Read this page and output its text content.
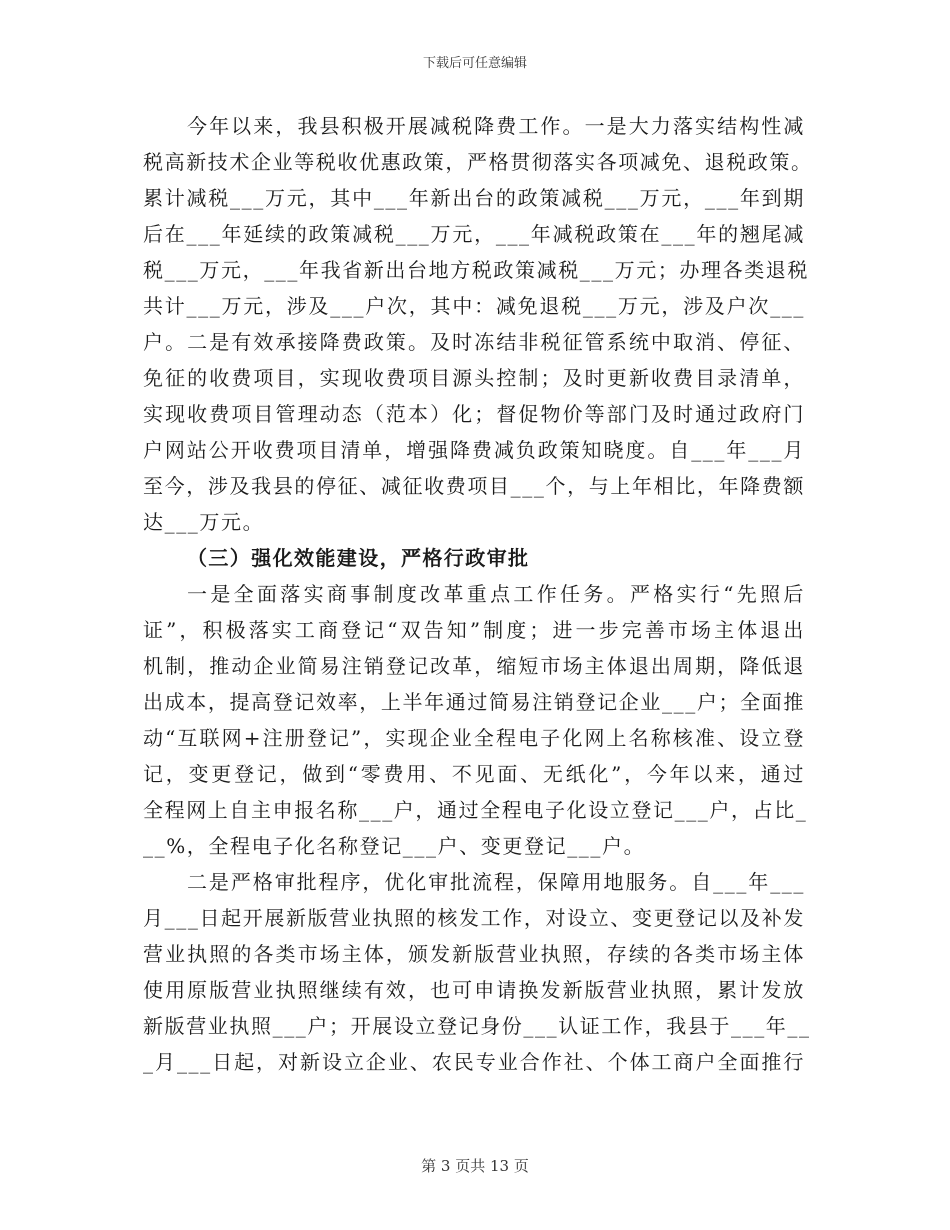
下载后可任意编辑
今年以来，我县积极开展减税降费工作。一是大力落实结构性减
税高新技术企业等税收优惠政策，严格贯彻落实各项减免、退税政策。
累计减税___万元，其中___年新出台的政策减税___万元，___年到期
后在___年延续的政策减税___万元，___年减税政策在___年的翘尾减
税___万元，___年我省新出台地方税政策减税___万元；办理各类退税
共计___万元，涉及___户次，其中：减免退税___万元，涉及户次___
户。二是有效承接降费政策。及时冻结非税征管系统中取消、停征、
免征的收费项目，实现收费项目源头控制；及时更新收费目录清单，
实现收费项目管理动态（范本）化；督促物价等部门及时通过政府门
户网站公开收费项目清单，增强降费减负政策知晓度。自___年___月
至今，涉及我县的停征、减征收费项目___个，与上年相比，年降费额
达___万元。
（三）强化效能建设，严格行政审批
一是全面落实商事制度改革重点工作任务。严格实行“先照后
证”，积极落实工商登记“双告知”制度；进一步完善市场主体退出
机制，推动企业简易注销登记改革，缩短市场主体退出周期，降低退
出成本，提高登记效率，上半年通过简易注销登记企业___户；全面推
动“互联网+注册登记”，实现企业全程电子化网上名称核准、设立登
记，变更登记，做到“零费用、不见面、无纸化”，今年以来，通过
全程网上自主申报名称___户，通过全程电子化设立登记___户，占比_
__%，全程电子化名称登记___户、变更登记___户。
二是严格审批程序，优化审批流程，保障用地服务。自___年___
月___日起开展新版营业执照的核发工作，对设立、变更登记以及补发
营业执照的各类市场主体，颁发新版营业执照，存续的各类市场主体
使用原版营业执照继续有效，也可申请换发新版营业执照，累计发放
新版营业执照___户；开展设立登记身份___认证工作，我县于___年__
_月___日起，对新设立企业、农民专业合作社、个体工商户全面推行
第 3 页共 13 页
